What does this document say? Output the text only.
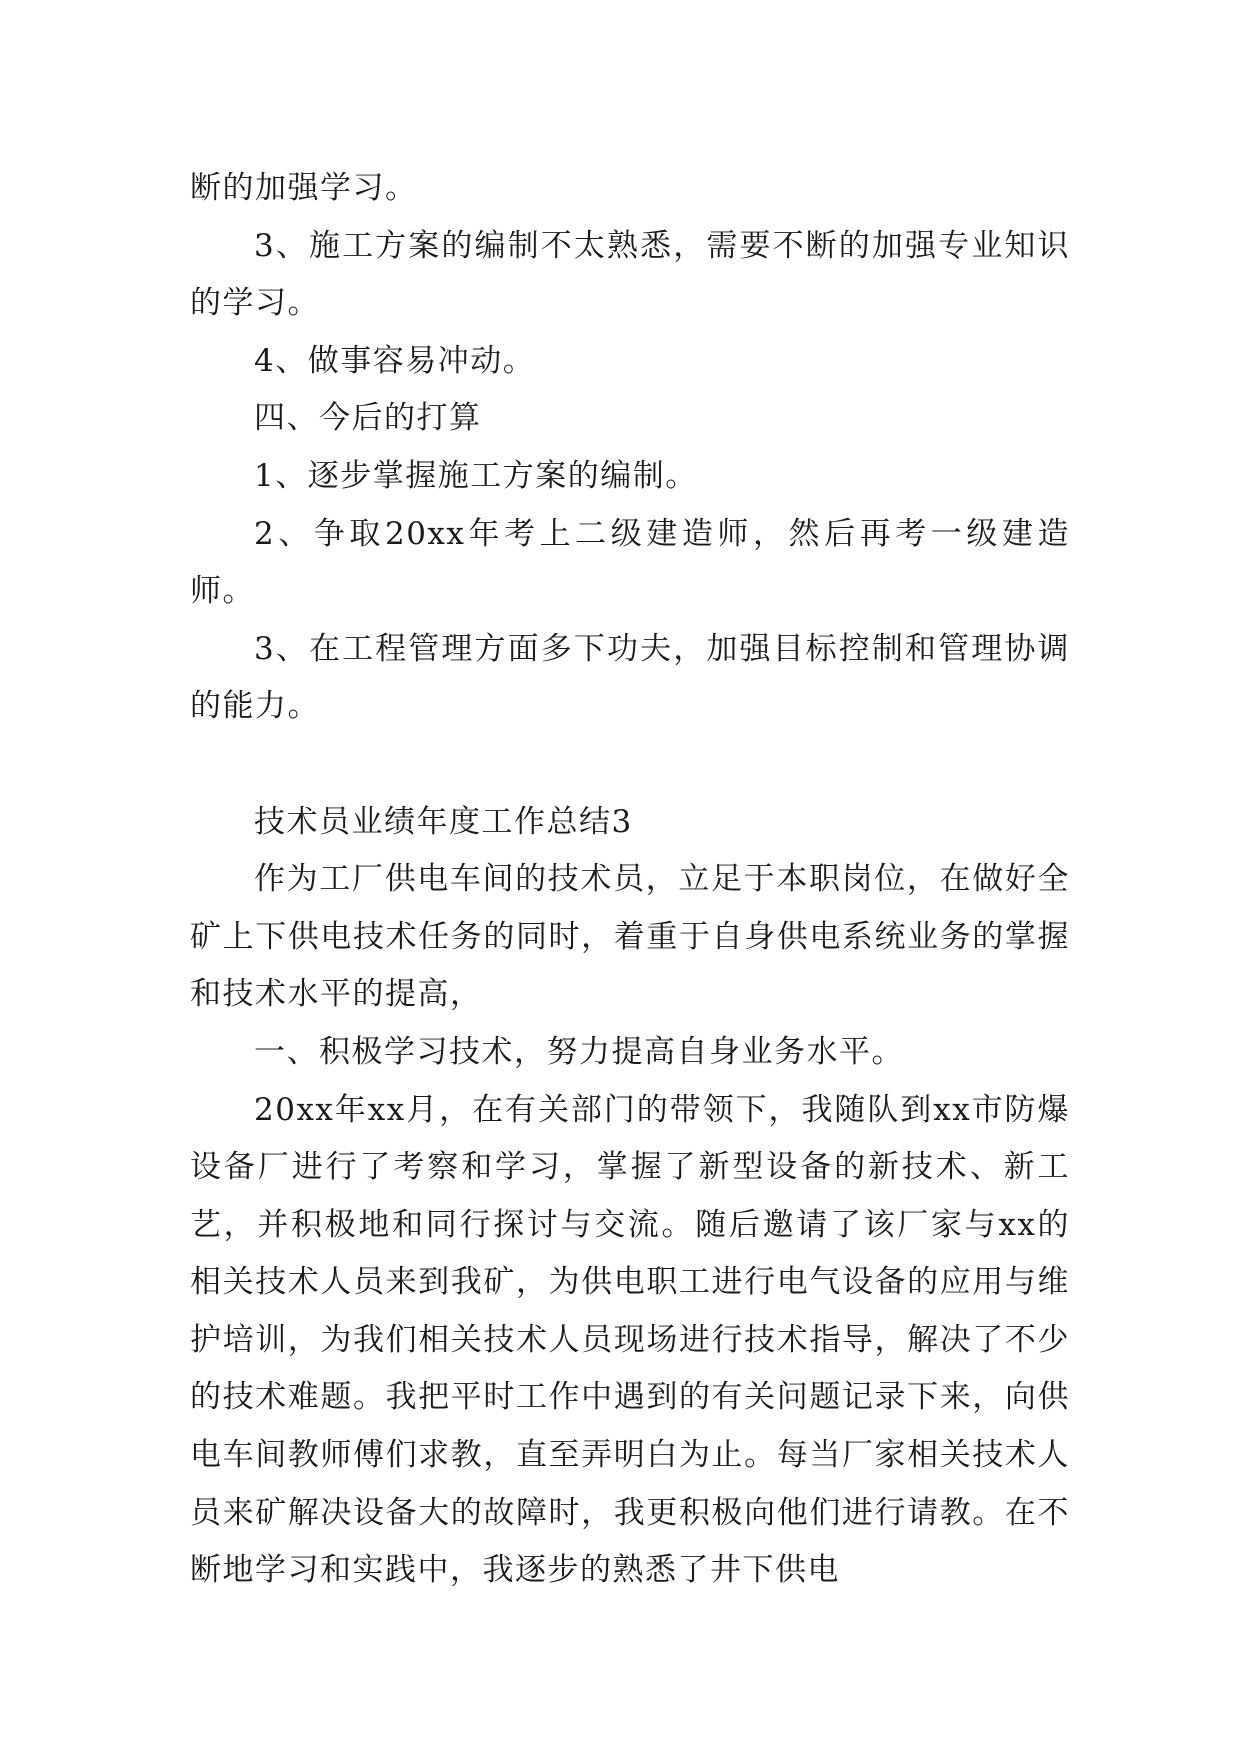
断的加强学习。

3、施工方案的编制不太熟悉，需要不断的加强专业知识的学习。

4、做事容易冲动。

四、今后的打算

1、逐步掌握施工方案的编制。

2、争取20xx年考上二级建造师，然后再考一级建造师。

3、在工程管理方面多下功夫，加强目标控制和管理协调的能力。

技术员业绩年度工作总结3

作为工厂供电车间的技术员，立足于本职岗位，在做好全矿上下供电技术任务的同时，着重于自身供电系统业务的掌握和技术水平的提高，

一、积极学习技术，努力提高自身业务水平。

20xx年xx月，在有关部门的带领下，我随队到xx市防爆设备厂进行了考察和学习，掌握了新型设备的新技术、新工艺，并积极地和同行探讨与交流。随后邀请了该厂家与xx的相关技术人员来到我矿，为供电职工进行电气设备的应用与维护培训，为我们相关技术人员现场进行技术指导，解决了不少的技术难题。我把平时工作中遇到的有关问题记录下来，向供电车间教师傅们求教，直至弄明白为止。每当厂家相关技术人员来矿解决设备大的故障时，我更积极向他们进行请教。在不断地学习和实践中，我逐步的熟悉了井下供电
